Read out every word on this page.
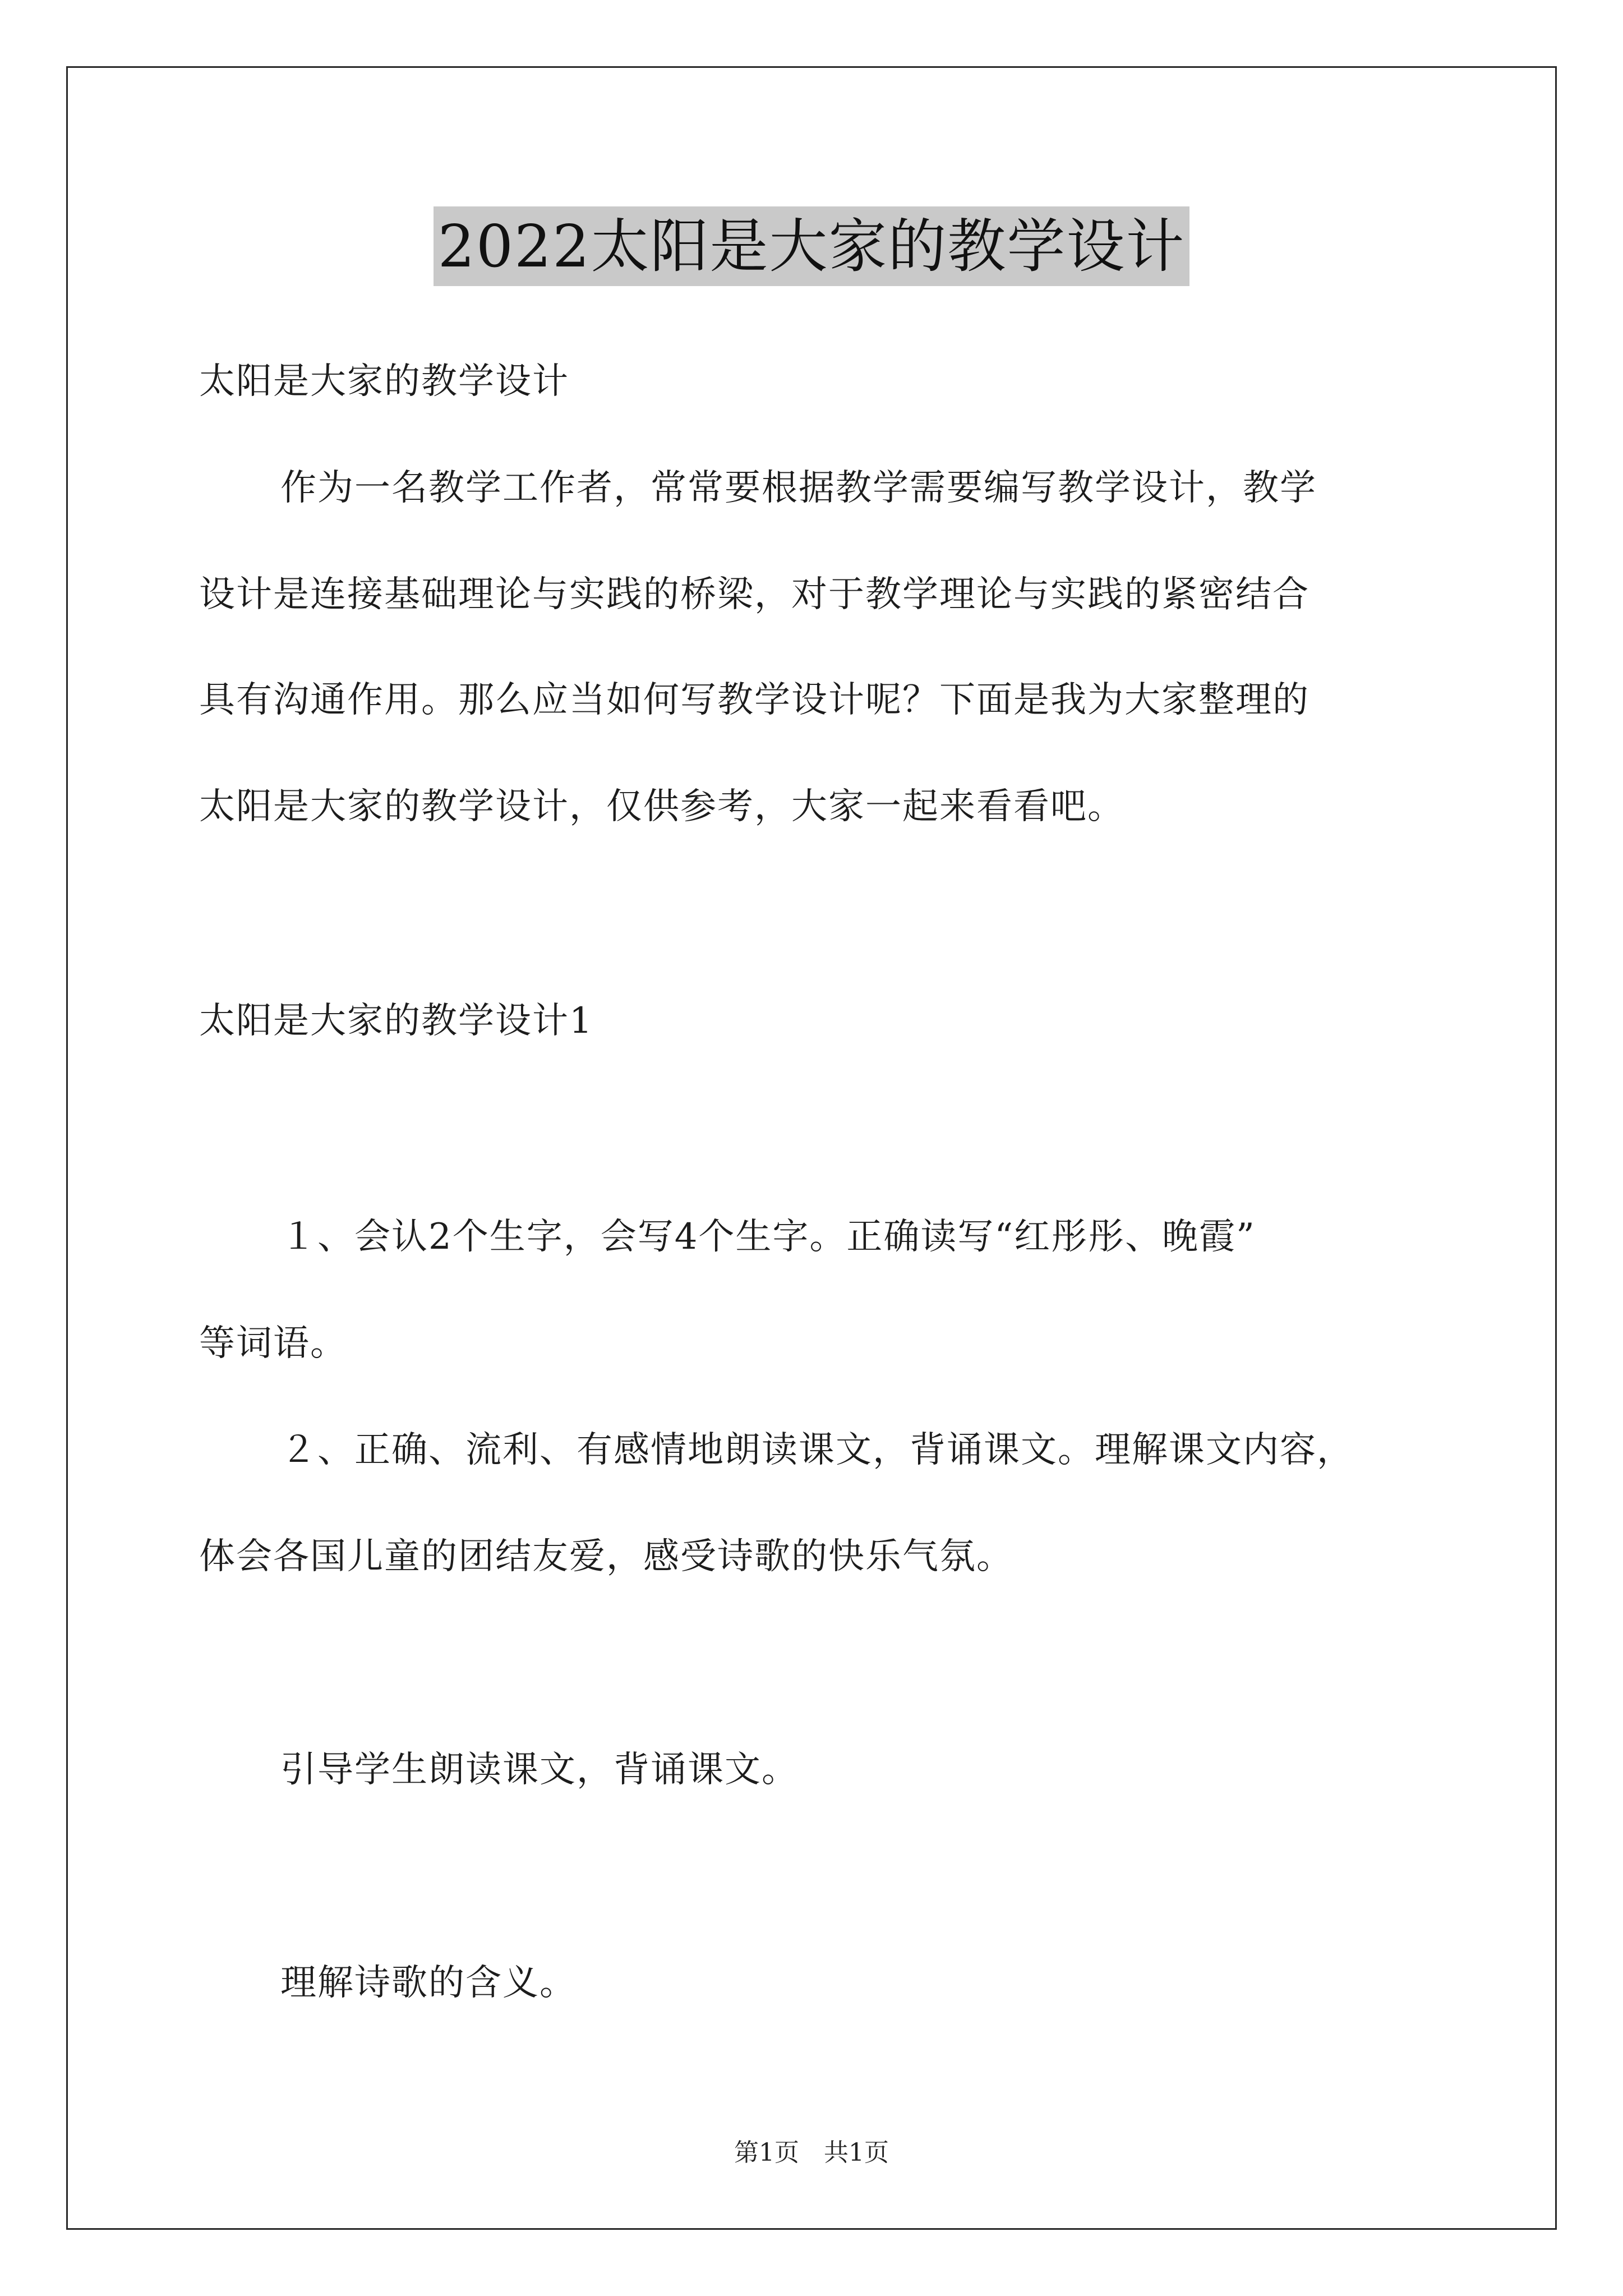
2022太阳是大家的教学设计
太阳是大家的教学设计
作为一名教学工作者，常常要根据教学需要编写教学设计，教学
设计是连接基础理论与实践的桥梁，对于教学理论与实践的紧密结合
具有沟通作用。那么应当如何写教学设计呢？下面是我为大家整理的
太阳是大家的教学设计，仅供参考，大家一起来看看吧。
太阳是大家的教学设计1
１、会认2个生字，会写4个生字。正确读写“红彤彤、晚霞”
等词语。
２、正确、流利、有感情地朗读课文，背诵课文。理解课文内容，
体会各国儿童的团结友爱，感受诗歌的快乐气氛。
引导学生朗读课文，背诵课文。
理解诗歌的含义。
第1页 共1页
